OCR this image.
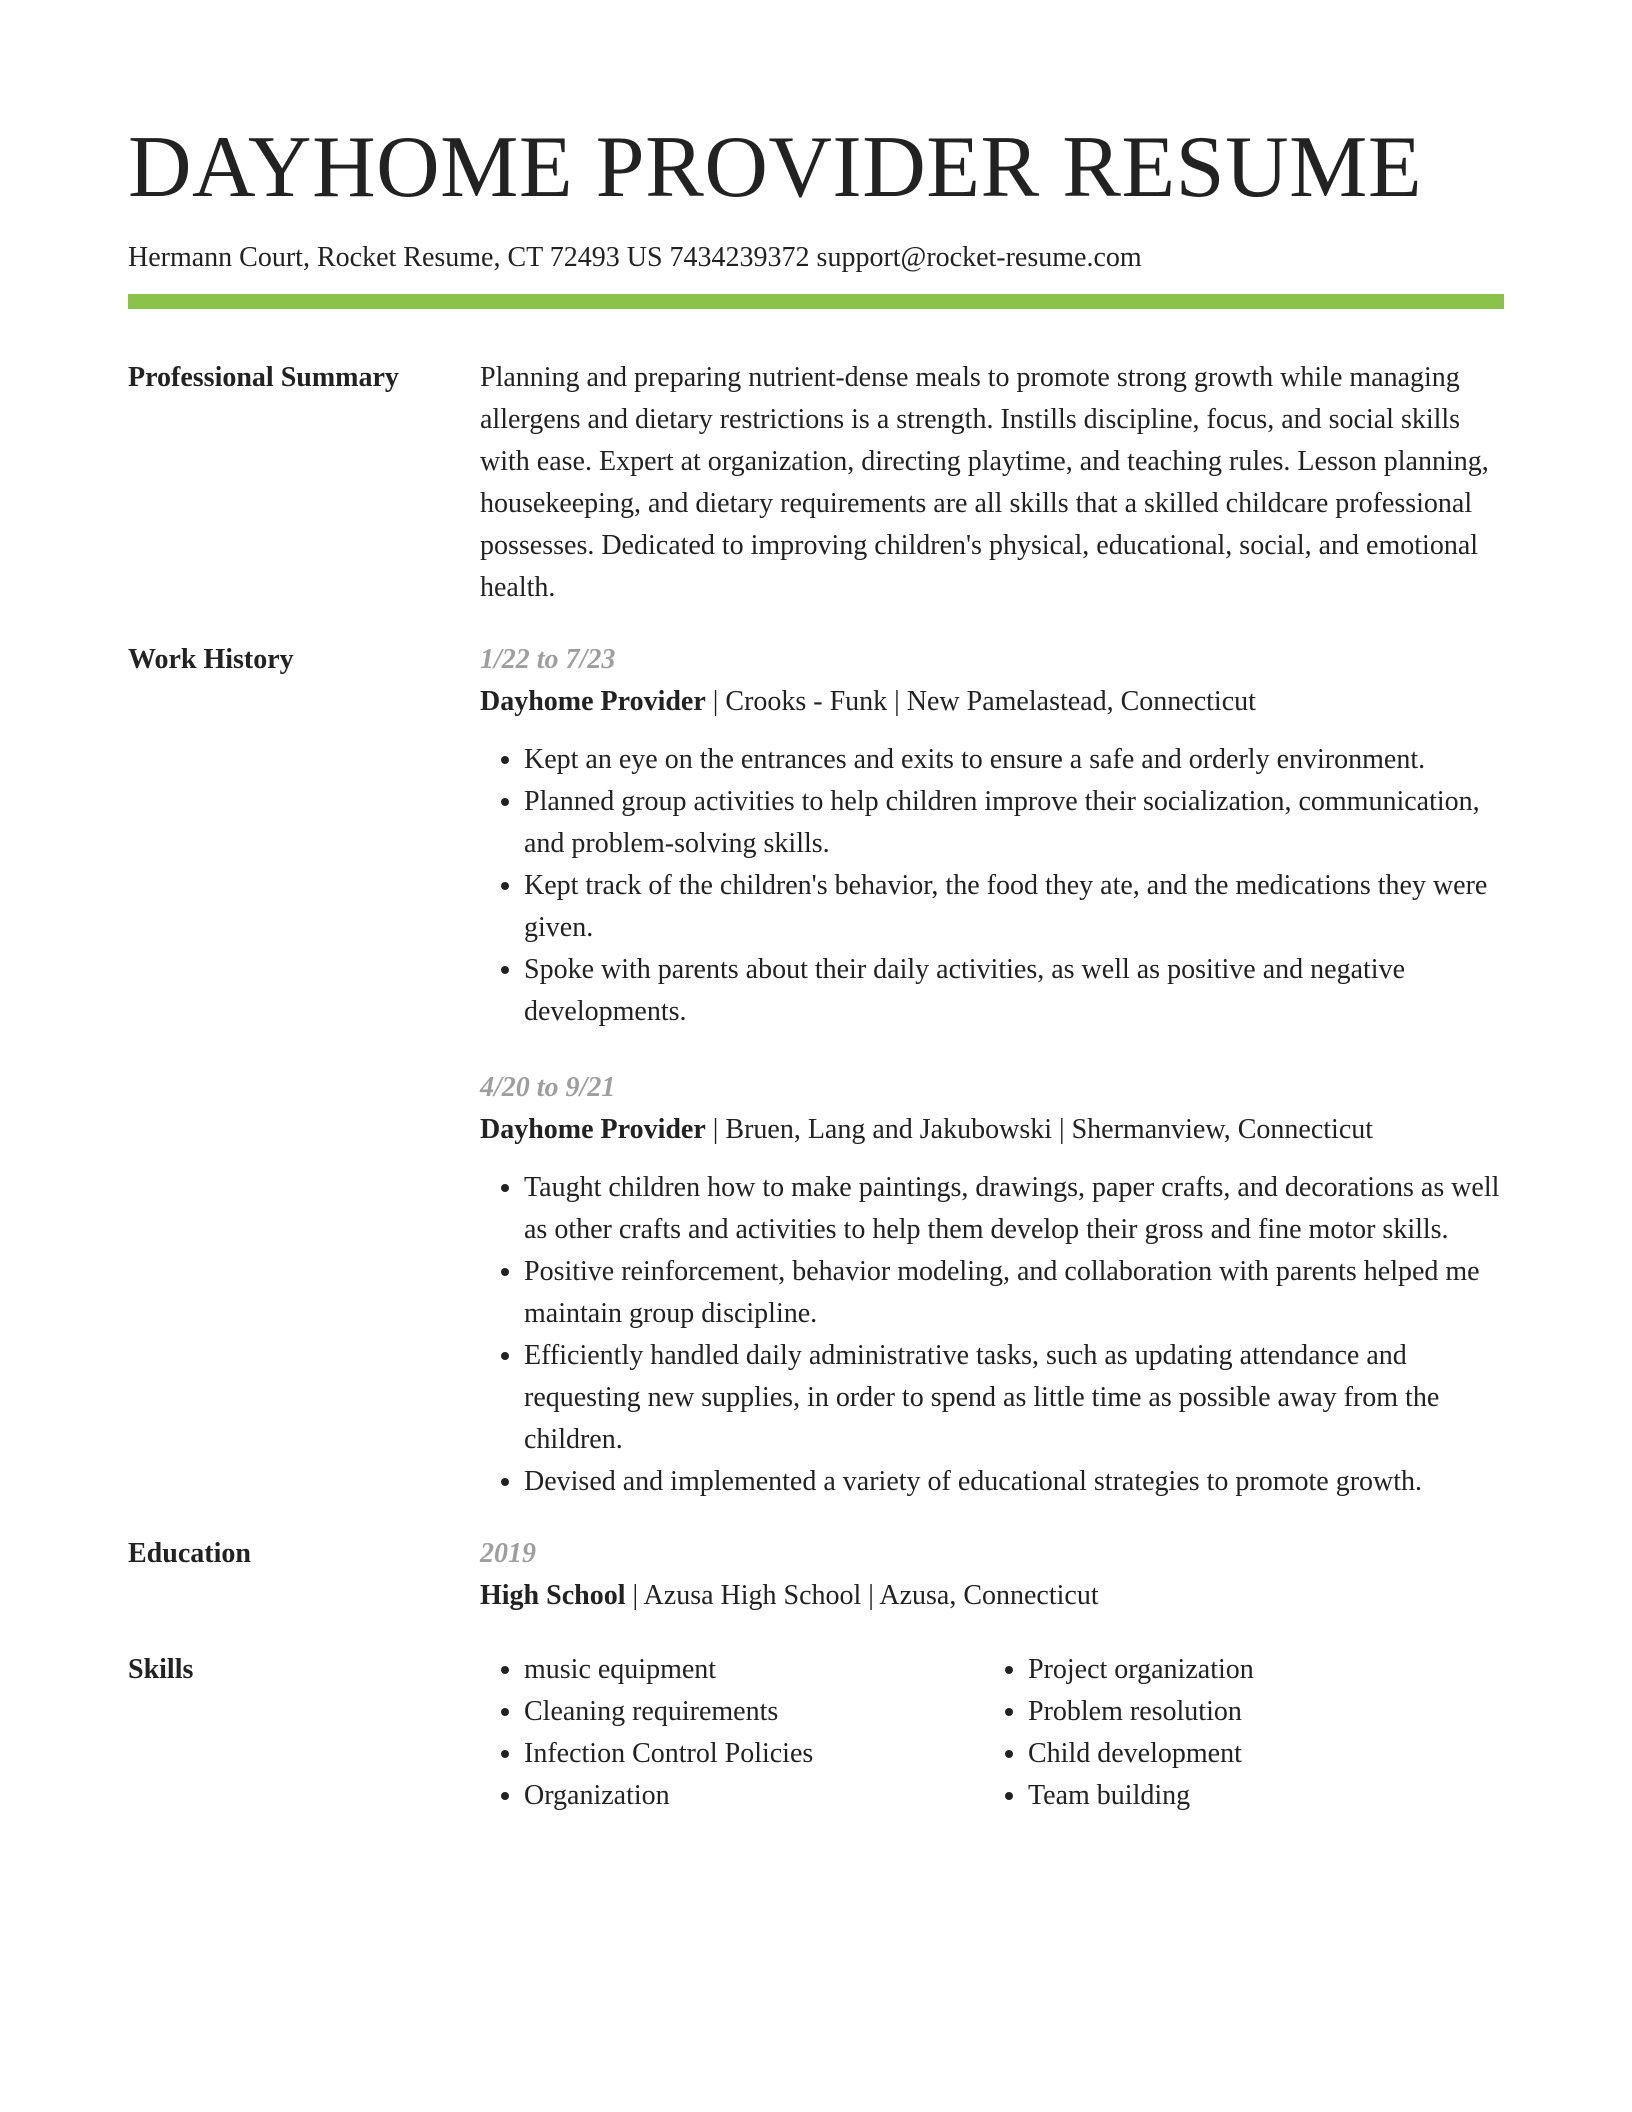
DAYHOME PROVIDER RESUME
Hermann Court, Rocket Resume, CT 72493 US 7434239372 support@rocket-resume.com
Professional Summary	Planning and preparing nutrient-dense meals to promote strong growth while managing allergens and dietary restrictions is a strength. Instills discipline, focus, and social skills with ease. Expert at organization, directing playtime, and teaching rules. Lesson planning, housekeeping, and dietary requirements are all skills that a skilled childcare professional possesses. Dedicated to improving children's physical, educational, social, and emotional health.

Work History	1/22 to 7/23
Dayhome Provider | Crooks - Funk | New Pamelastead, Connecticut
• Kept an eye on the entrances and exits to ensure a safe and orderly environment.
• Planned group activities to help children improve their socialization, communication, and problem-solving skills.
• Kept track of the children's behavior, the food they ate, and the medications they were given.
• Spoke with parents about their daily activities, as well as positive and negative developments.
4/20 to 9/21
Dayhome Provider | Bruen, Lang and Jakubowski | Shermanview, Connecticut
• Taught children how to make paintings, drawings, paper crafts, and decorations as well as other crafts and activities to help them develop their gross and fine motor skills.
• Positive reinforcement, behavior modeling, and collaboration with parents helped me maintain group discipline.
• Efficiently handled daily administrative tasks, such as updating attendance and requesting new supplies, in order to spend as little time as possible away from the children.
• Devised and implemented a variety of educational strategies to promote growth.
Education	2019
High School | Azusa High School | Azusa, Connecticut
Skills
•	music equipment
• Cleaning requirements
• Infection Control Policies
• Organization
• Project organization
• Problem resolution
• Child development
• Team building
